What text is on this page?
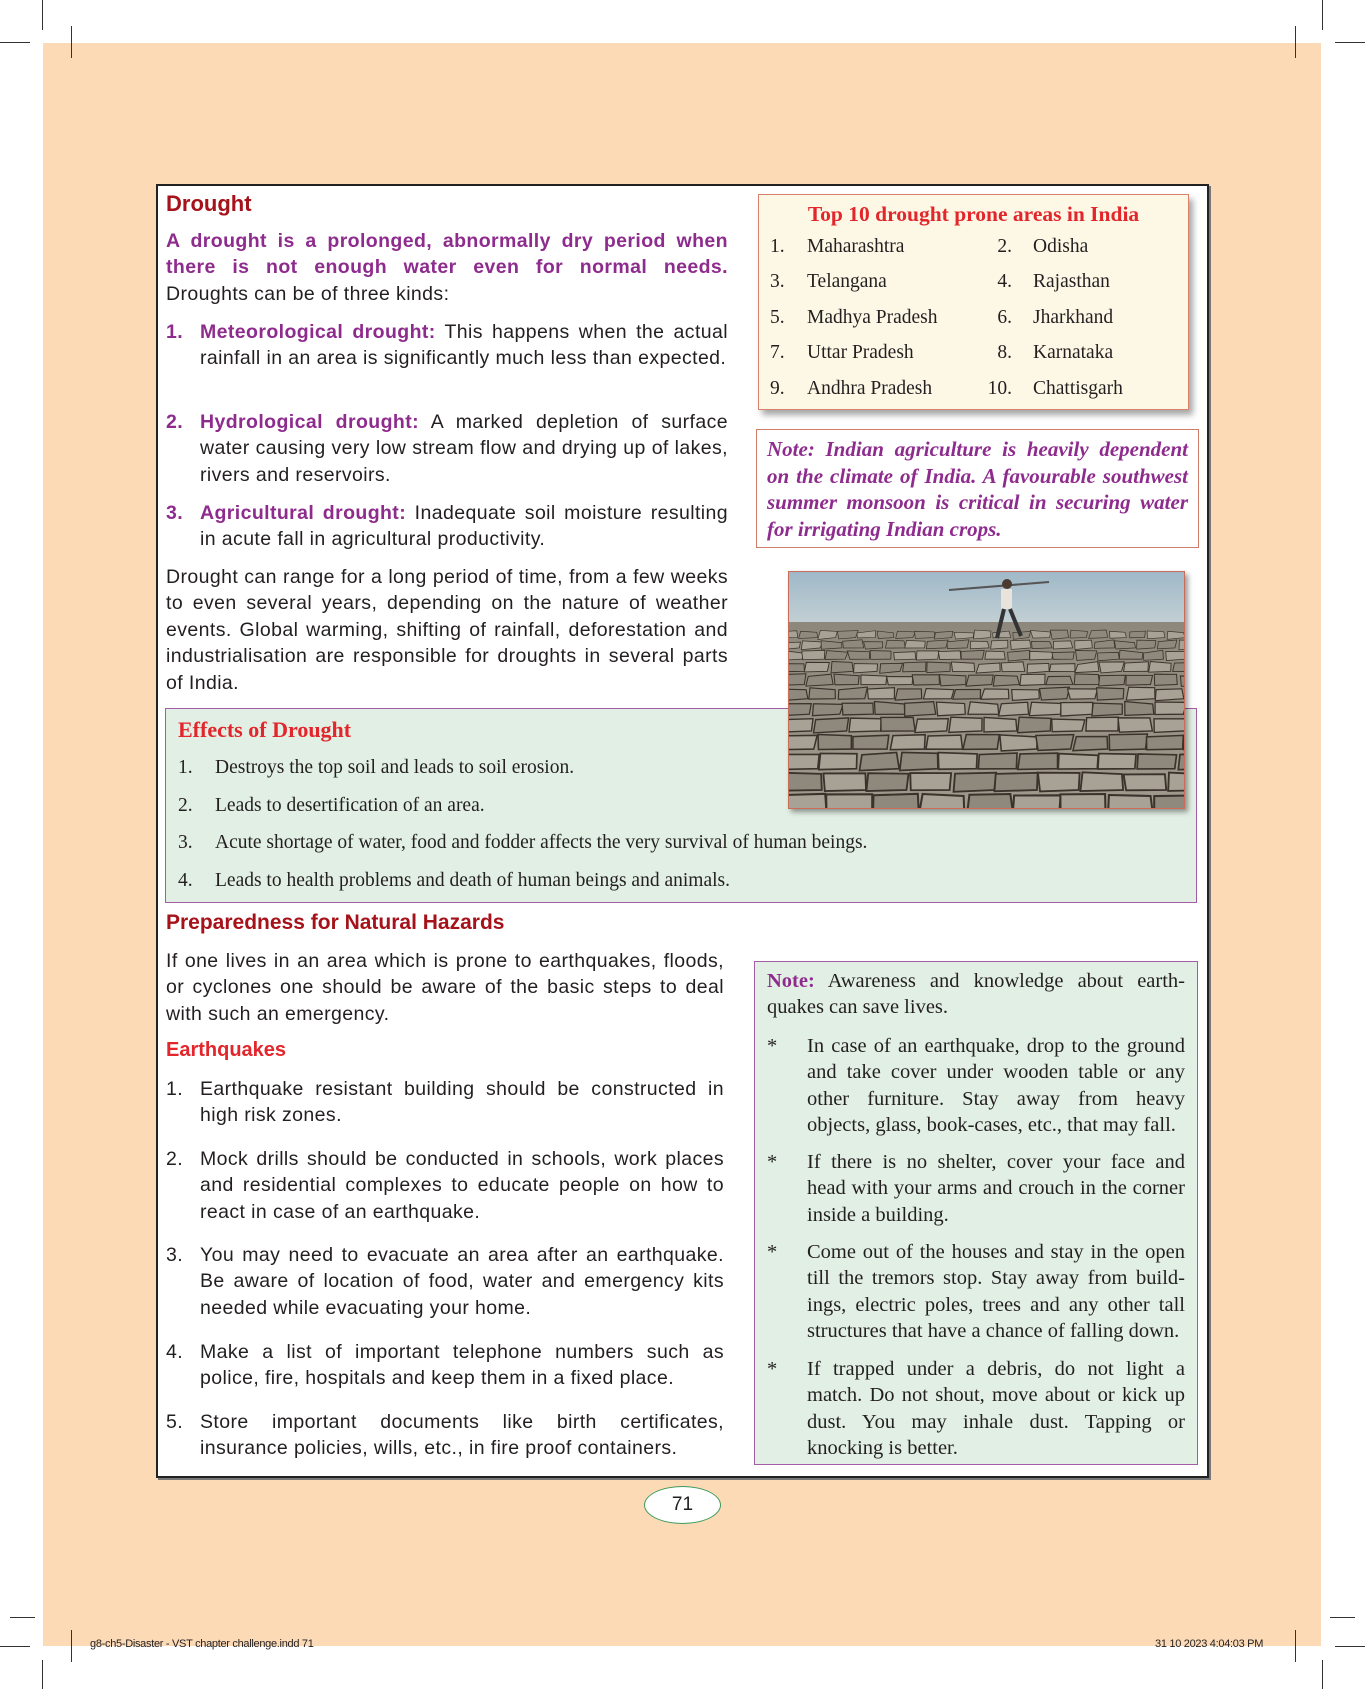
Drought
A drought is a prolonged, abnormally dry period when there is not enough water even for normal needs. Droughts can be of three kinds:
1. Meteorological drought: This happens when the actual rainfall in an area is significantly much less than expected.
2. Hydrological drought: A marked depletion of surface water causing very low stream flow and drying up of lakes, rivers and reservoirs.
3. Agricultural drought: Inadequate soil moisture resulting in acute fall in agricultural productivity.
Drought can range for a long period of time, from a few weeks to even several years, depending on the nature of weather events. Global warming, shifting of rainfall, deforestation and industrialisation are responsible for droughts in several parts of India.
Top 10 drought prone areas in India
1.	Maharashtra	2.	Odisha
3.	Telangana	4.	Rajasthan
5.	Madhya Pradesh	6.	Jharkhand
7.	Uttar Pradesh	8.	Karnataka
9.	Andhra Pradesh	10.	Chattisgarh
Note: Indian agriculture is heavily dependent on the climate of India. A favourable southwest summer monsoon is critical in securing water for irrigating Indian crops.
Effects of Drought
1.	Destroys the top soil and leads to soil erosion.
2.	Leads to desertification of an area.
3.	Acute shortage of water, food and fodder affects the very survival of human beings.
4.	Leads to health problems and death of human beings and animals.
Preparedness for Natural Hazards
If one lives in an area which is prone to earthquakes, floods, or cyclones one should be aware of the basic steps to deal with such an emergency.
Earthquakes
1. Earthquake resistant building should be constructed in high risk zones.
2. Mock drills should be conducted in schools, work places and residential complexes to educate people on how to react in case of an earthquake.
3. You may need to evacuate an area after an earthquake. Be aware of location of food, water and emergency kits needed while evacuating your home.
4. Make a list of important telephone numbers such as police, fire, hospitals and keep them in a fixed place.
5. Store important documents like birth certificates, insurance policies, wills, etc., in fire proof containers.
Note: Awareness and knowledge about earth-quakes can save lives.
*	In case of an earthquake, drop to the ground and take cover under wooden table or any other furniture. Stay away from heavy objects, glass, book-cases, etc., that may fall.
*	If there is no shelter, cover your face and head with your arms and crouch in the corner inside a building.
*	Come out of the houses and stay in the open till the tremors stop. Stay away from build-ings, electric poles, trees and any other tall structures that have a chance of falling down.
*	If trapped under a debris, do not light a match. Do not shout, move about or kick up dust. You may inhale dust. Tapping or knocking is better.
71
g8-ch5-Disaster - VST chapter challenge.indd 71	31 10 2023 4:04:03 PM
